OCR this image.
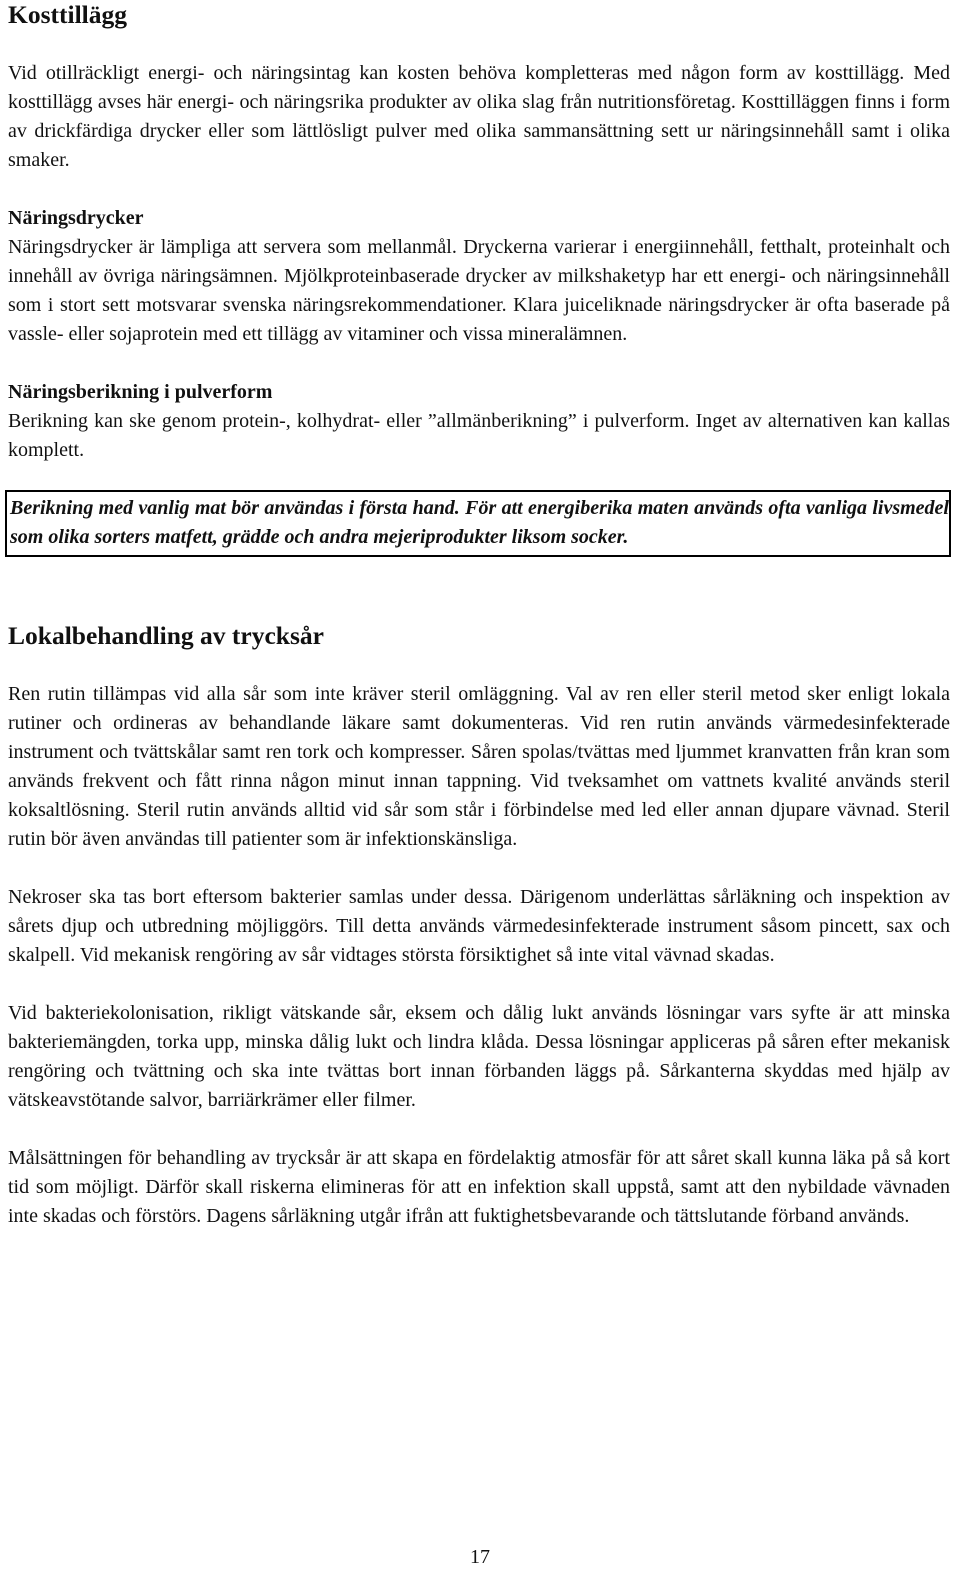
Kosttillägg

Vid otillräckligt energi- och näringsintag kan kosten behöva kompletteras med någon form av kosttillägg. Med kosttillägg avses här energi- och näringsrika produkter av olika slag från nutritionsföretag. Kosttilläggen finns i form av drickfärdiga drycker eller som lättlösligt pulver med olika sammansättning sett ur näringsinnehåll samt i olika smaker.

Näringsdrycker

Näringsdrycker är lämpliga att servera som mellanmål. Dryckerna varierar i energiinnehåll, fetthalt, proteinhalt och innehåll av övriga näringsämnen. Mjölkproteinbaserade drycker av milkshaketyp har ett energi- och näringsinnehåll som i stort sett motsvarar svenska näringsrekommendationer. Klara juiceliknade näringsdrycker är ofta baserade på vassle- eller sojaprotein med ett tillägg av vitaminer och vissa mineralämnen.

Näringsberikning i pulverform

Berikning kan ske genom protein-, kolhydrat- eller ”allmänberikning” i pulverform. Inget av alternativen kan kallas komplett.

Berikning med vanlig mat bör användas i första hand. För att energiberika maten används ofta vanliga livsmedel som olika sorters matfett, grädde och andra mejeriprodukter liksom socker.
Lokalbehandling av trycksår

Ren rutin tillämpas vid alla sår som inte kräver steril omläggning. Val av ren eller steril metod sker enligt lokala rutiner och ordineras av behandlande läkare samt dokumenteras. Vid ren rutin används värmedesinfekterade instrument och tvättskålar samt ren tork och kompresser. Såren spolas/tvättas med ljummet kranvatten från kran som används frekvent och fått rinna någon minut innan tappning. Vid tveksamhet om vattnets kvalité används steril koksaltlösning. Steril rutin används alltid vid sår som står i förbindelse med led eller annan djupare vävnad. Steril rutin bör även användas till patienter som är infektionskänsliga.

Nekroser ska tas bort eftersom bakterier samlas under dessa. Därigenom underlättas sårläkning och inspektion av sårets djup och utbredning möjliggörs. Till detta används värmedesinfekterade instrument såsom pincett, sax och skalpell. Vid mekanisk rengöring av sår vidtages största försiktighet så inte vital vävnad skadas.

Vid bakteriekolonisation, rikligt vätskande sår, eksem och dålig lukt används lösningar vars syfte är att minska bakteriemängden, torka upp, minska dålig lukt och lindra klåda. Dessa lösningar appliceras på såren efter mekanisk rengöring och tvättning och ska inte tvättas bort innan förbanden läggs på. Sårkanterna skyddas med hjälp av vätskeavstötande salvor, barriärkrämer eller filmer.

Målsättningen för behandling av trycksår är att skapa en fördelaktig atmosfär för att såret skall kunna läka på så kort tid som möjligt. Därför skall riskerna elimineras för att en infektion skall uppstå, samt att den nybildade vävnaden inte skadas och förstörs. Dagens sårläkning utgår ifrån att fuktighetsbevarande och tättslutande förband används.

17
